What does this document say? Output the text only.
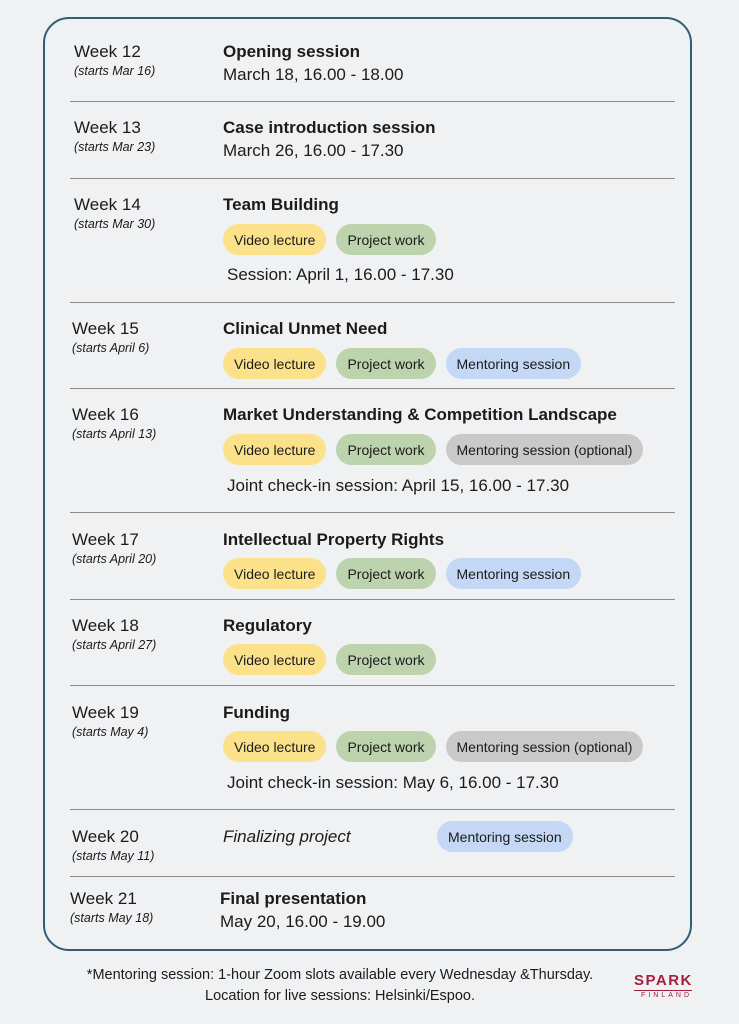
Week 12
(starts Mar 16)
Opening session
March 18, 16.00 - 18.00
Week 13
(starts Mar 23)
Case introduction session
March 26, 16.00 - 17.30
Week 14
(starts Mar 30)
Team Building
Video lecture	Project work
Session: April 1, 16.00 - 17.30
Week 15
(starts April 6)
Clinical Unmet Need
Video lecture	Project work	Mentoring session
Week 16
(starts April 13)
Market Understanding & Competition Landscape
Video lecture	Project work	Mentoring session (optional)
Joint check-in session: April 15, 16.00 - 17.30
Week 17
(starts April 20)
Intellectual Property Rights
Video lecture	Project work	Mentoring session
Week 18
(starts April 27)
Regulatory
Video lecture	Project work
Week 19
(starts May 4)
Funding
Video lecture	Project work	Mentoring session (optional)
Joint check-in session: May 6, 16.00 - 17.30
Week 20
(starts May 11)
Finalizing project	Mentoring session
Week 21
(starts May 18)
Final presentation
May 20, 16.00 - 19.00
*Mentoring session: 1-hour Zoom slots available every Wednesday &Thursday.
Location for live sessions: Helsinki/Espoo.
SPARK
FINLAND
